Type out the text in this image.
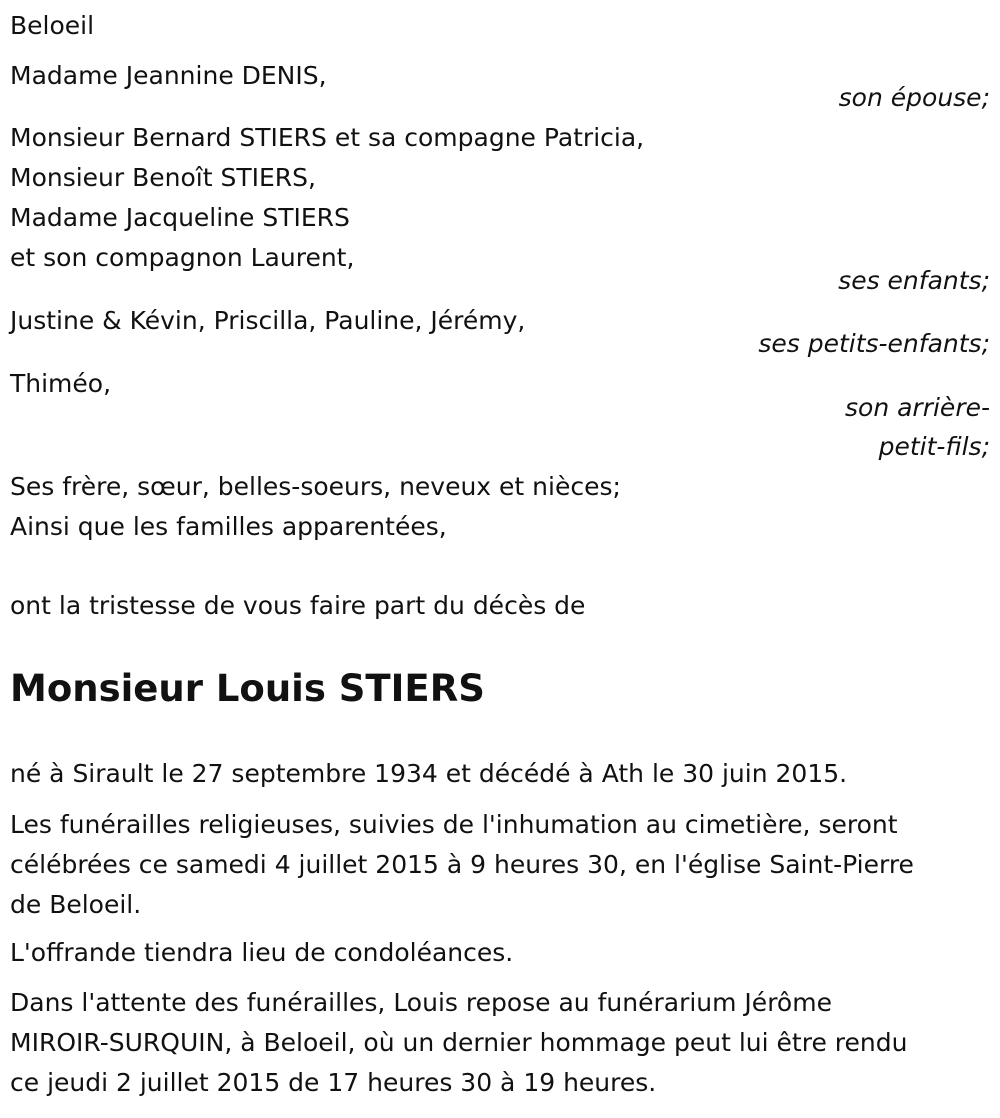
Beloeil
Madame Jeannine DENIS,
son épouse;
Monsieur Bernard STIERS et sa compagne Patricia,
Monsieur Benoît STIERS,
Madame Jacqueline STIERS
et son compagnon Laurent,
ses enfants;
Justine & Kévin, Priscilla, Pauline, Jérémy,
ses petits-enfants;
Thiméo,
son arrière-
petit-fils;
Ses frère, sœur, belles-soeurs, neveux et nièces;
Ainsi que les familles apparentées,
ont la tristesse de vous faire part du décès de
Monsieur Louis STIERS
né à Sirault le 27 septembre 1934 et décédé à Ath le 30 juin 2015.
Les funérailles religieuses, suivies de l'inhumation au cimetière, seront
célébrées ce samedi 4 juillet 2015 à 9 heures 30, en l'église Saint-Pierre
de Beloeil.
L'offrande tiendra lieu de condoléances.
Dans l'attente des funérailles, Louis repose au funérarium Jérôme
MIROIR-SURQUIN, à Beloeil, où un dernier hommage peut lui être rendu
ce jeudi 2 juillet 2015 de 17 heures 30 à 19 heures.
